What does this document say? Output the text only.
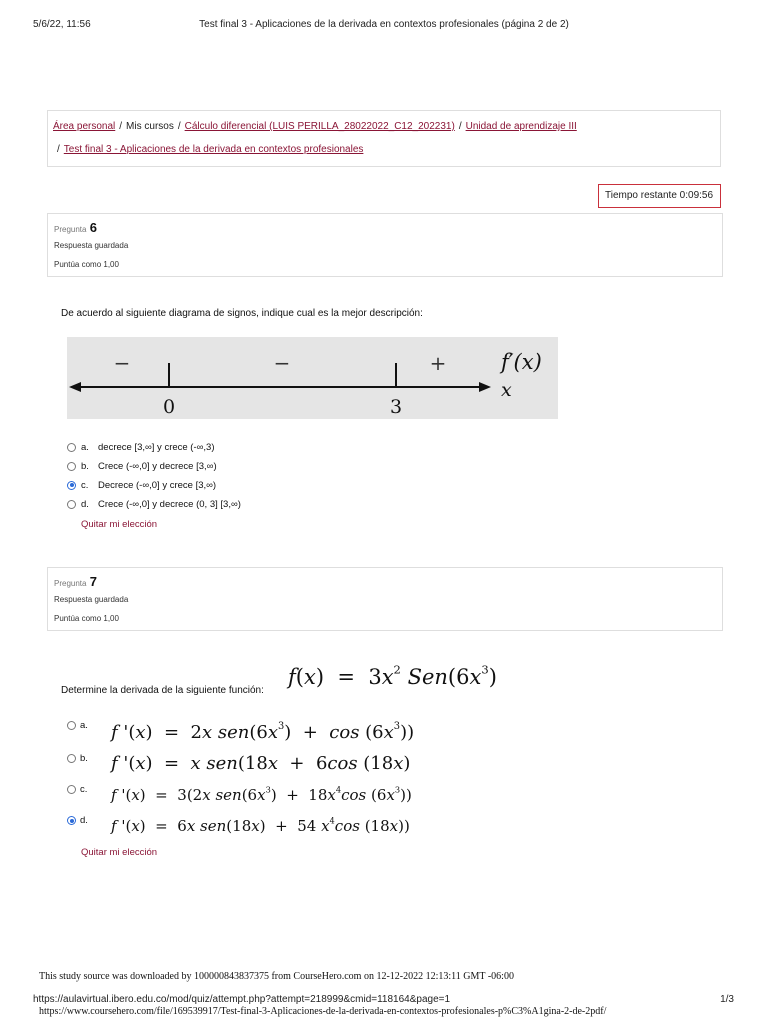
5/6/22, 11:56	Test final 3 - Aplicaciones de la derivada en contextos profesionales (página 2 de 2)
Área personal / Mis cursos / Cálculo diferencial (LUIS PERILLA_28022022_C12_202231) / Unidad de aprendizaje III
/ Test final 3 - Aplicaciones de la derivada en contextos profesionales
Tiempo restante 0:09:56
Pregunta 6
Respuesta guardada
Puntúa como 1,00
De acuerdo al siguiente diagrama de signos, indique cual es la mejor descripción:
−	−	+
0	3
f′(x)
x
a. decrece [3,∞] y crece (-∞,3)
b. Crece (-∞,0] y decrece [3,∞)
c.	Decrece (-∞,0] y crece [3,∞)
d. Crece (-∞,0] y decrece (0, 3] [3,∞)
Quitar mi elección
Pregunta 7
Respuesta guardada
Puntúa como 1,00
Determine la derivada de la siguiente función:
$f(x) = 3x^2$ $Sen(6x^3)$
a. f '(x)  =  2x $sen(6x^3) + \cos (6x^3)$)
b. f '(x)  =  x sen(18x  +  6cos (18x)
c. f '(x)  =  3(2x $sen(6x^3) + 18x^4\cos$ $(6x^3)$)
d. f '(x)  =  6x sen(18x)  +  54 $x^4\cos$ (18x))
Quitar mi elección
This study source was downloaded by 100000843837375 from CourseHero.com on 12-12-2022 12:13:11 GMT -06:00
https://aulavirtual.ibero.edu.co/mod/quiz/attempt.php?attempt=218999&cmid=118164&page=1	1/3
https://www.coursehero.com/file/169539917/Test-final-3-Aplicaciones-de-la-derivada-en-contextos-profesionales-p%C3%A1gina-2-de-2pdf/
